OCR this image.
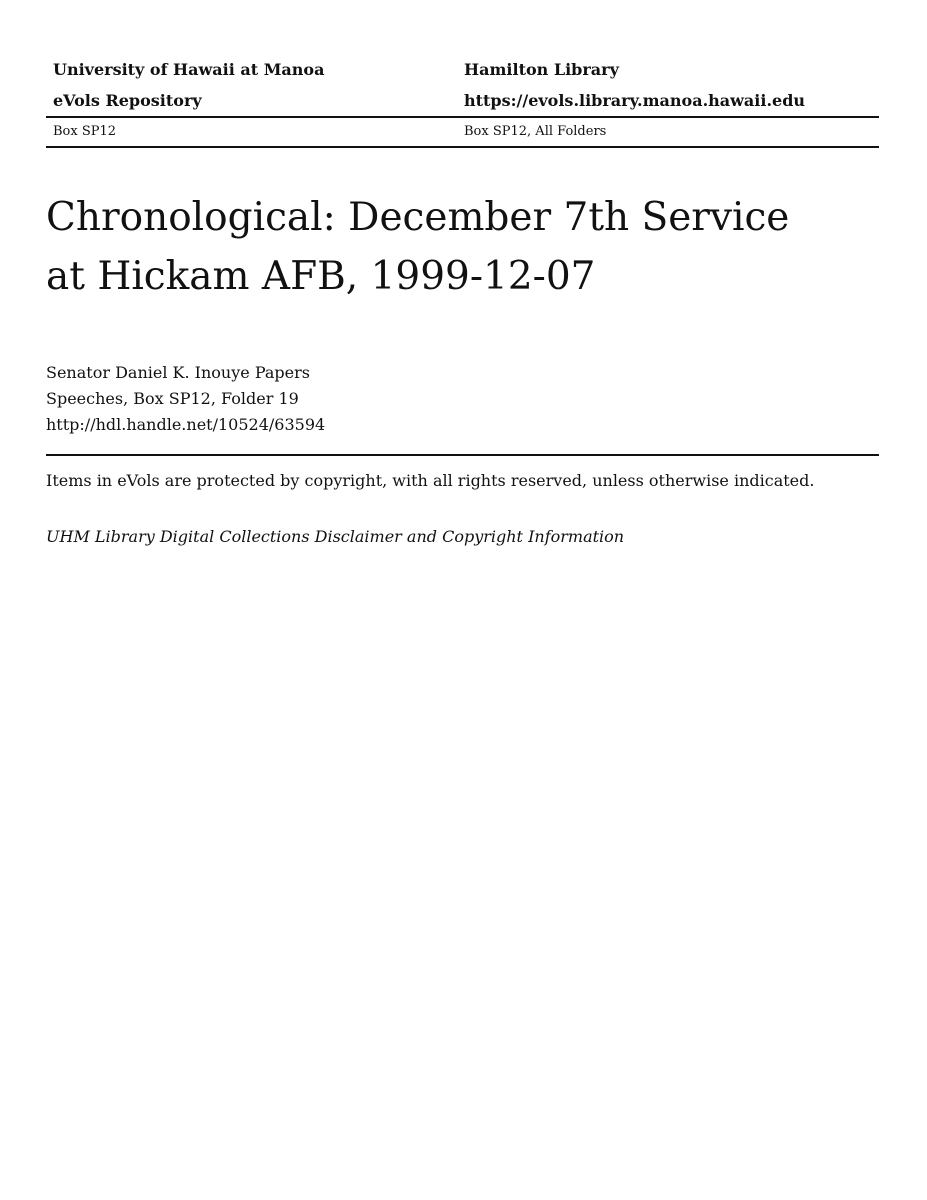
University of Hawaii at Manoa	Hamilton Library
eVols Repository	https://evols.library.manoa.hawaii.edu
Box SP12	Box SP12, All Folders
Chronological: December 7th Service
at Hickam AFB, 1999-12-07
Senator Daniel K. Inouye Papers
Speeches, Box SP12, Folder 19
http://hdl.handle.net/10524/63594
Items in eVols are protected by copyright, with all rights reserved, unless otherwise indicated.
UHM Library Digital Collections Disclaimer and Copyright Information
